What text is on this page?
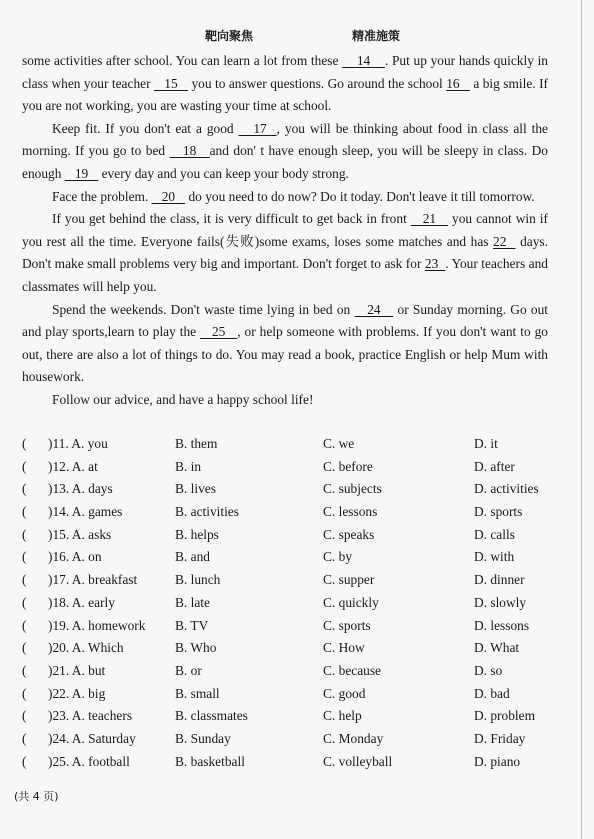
靶向聚焦	精准施策

some activities after school. You can learn a lot from these     14    . Put up your hands quickly in class when your teacher    15    you to answer questions. Go around the school 16    a big smile. If you are not working, you are wasting your time at school.

Keep fit. If you don't eat a good    17  , you will be thinking about food in class all the morning. If you go to bed    18   and don' t have enough sleep, you will be sleepy in class. Do enough    19    every day and you can keep your body strong.

Face the problem.    20    do you need to do now? Do it today. Don't leave it till tomorrow.

If you get behind the class, it is very difficult to get back in front    21    you cannot win if you rest all the time. Everyone fails(失败)some exams, loses some matches and has 22   days. Don't make small problems very big and important. Don't forget to ask for 23  . Your teachers and classmates will help you.

Spend the weekends. Don't waste time lying in bed on    24    or Sunday morning. Go out and play sports,learn to play the    25   , or help someone with problems. If you don't want to go out, there are also a lot of things to do. You may read a book, practice English or help Mum with housework.

Follow our advice, and have a happy school life!

( )11. A. you	B. them	C. we	D. it
( )12. A. at	B. in	C. before	D. after
( )13. A. days	B. lives	C. subjects	D. activities
( )14. A. games	B. activities	C. lessons	D. sports
( )15. A. asks	B. helps	C. speaks	D. calls
( )16. A. on	B. and	C. by	D. with
( )17. A. breakfast	B. lunch	C. supper	D. dinner
( )18. A. early	B. late	C. quickly	D. slowly
( )19. A. homework B. TV	C. sports	D. lessons
( )20. A. Which	B. Who	C. How	D. What
( )21. A. but	B. or	C. because	D. so
( )22. A. big	B. small	C. good	D. bad
( )23. A. teachers	B. classmates	C. help	D. problem
( )24. A. Saturday	B. Sunday	C. Monday	D. Friday
( )25. A. football	B. basketball	C. volleyball	D. piano
(共 4 页)
